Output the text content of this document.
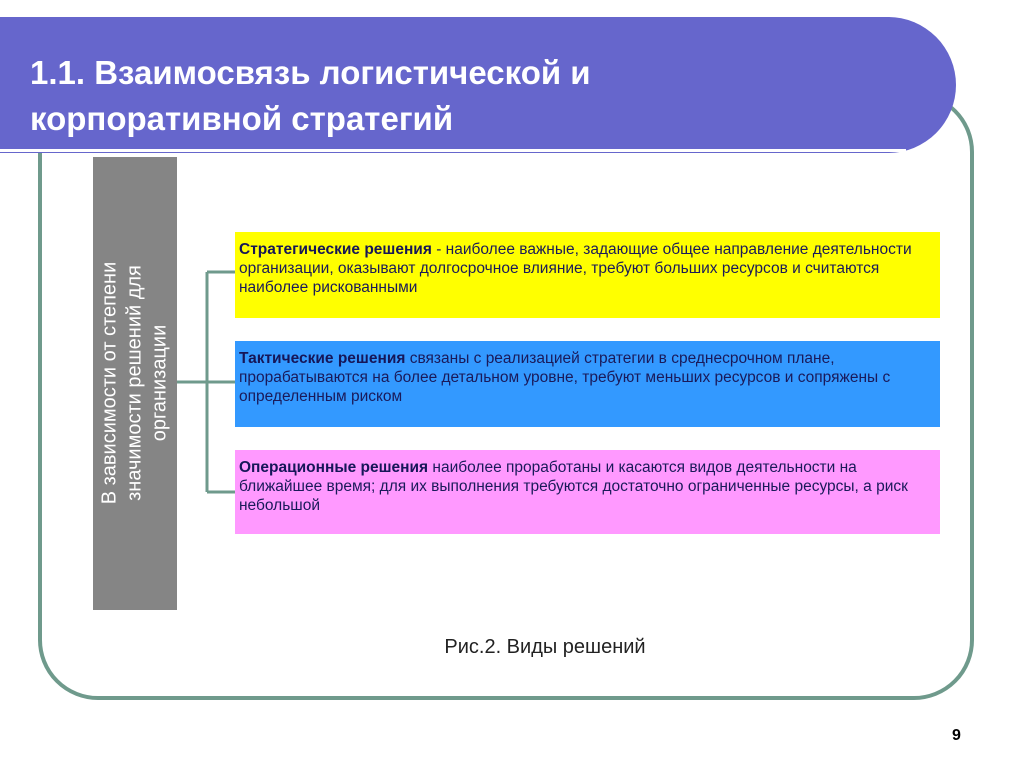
1.1. Взаимосвязь логистической и
корпоративной стратегий
В зависимости от степени значимости решений для организации
Стратегические решения - наиболее важные, задающие общее направление деятельности организации, оказывают долгосрочное влияние, требуют больших ресурсов и считаются наиболее рискованными
Тактические решения связаны с реализацией стратегии в среднесрочном плане, прорабатываются на более детальном уровне, требуют меньших ресурсов и сопряжены с определенным риском
Операционные решения наиболее проработаны и касаются видов деятельности на ближайшее время; для их выполнения требуются достаточно ограниченные ресурсы, а риск небольшой
Рис.2. Виды решений
9
